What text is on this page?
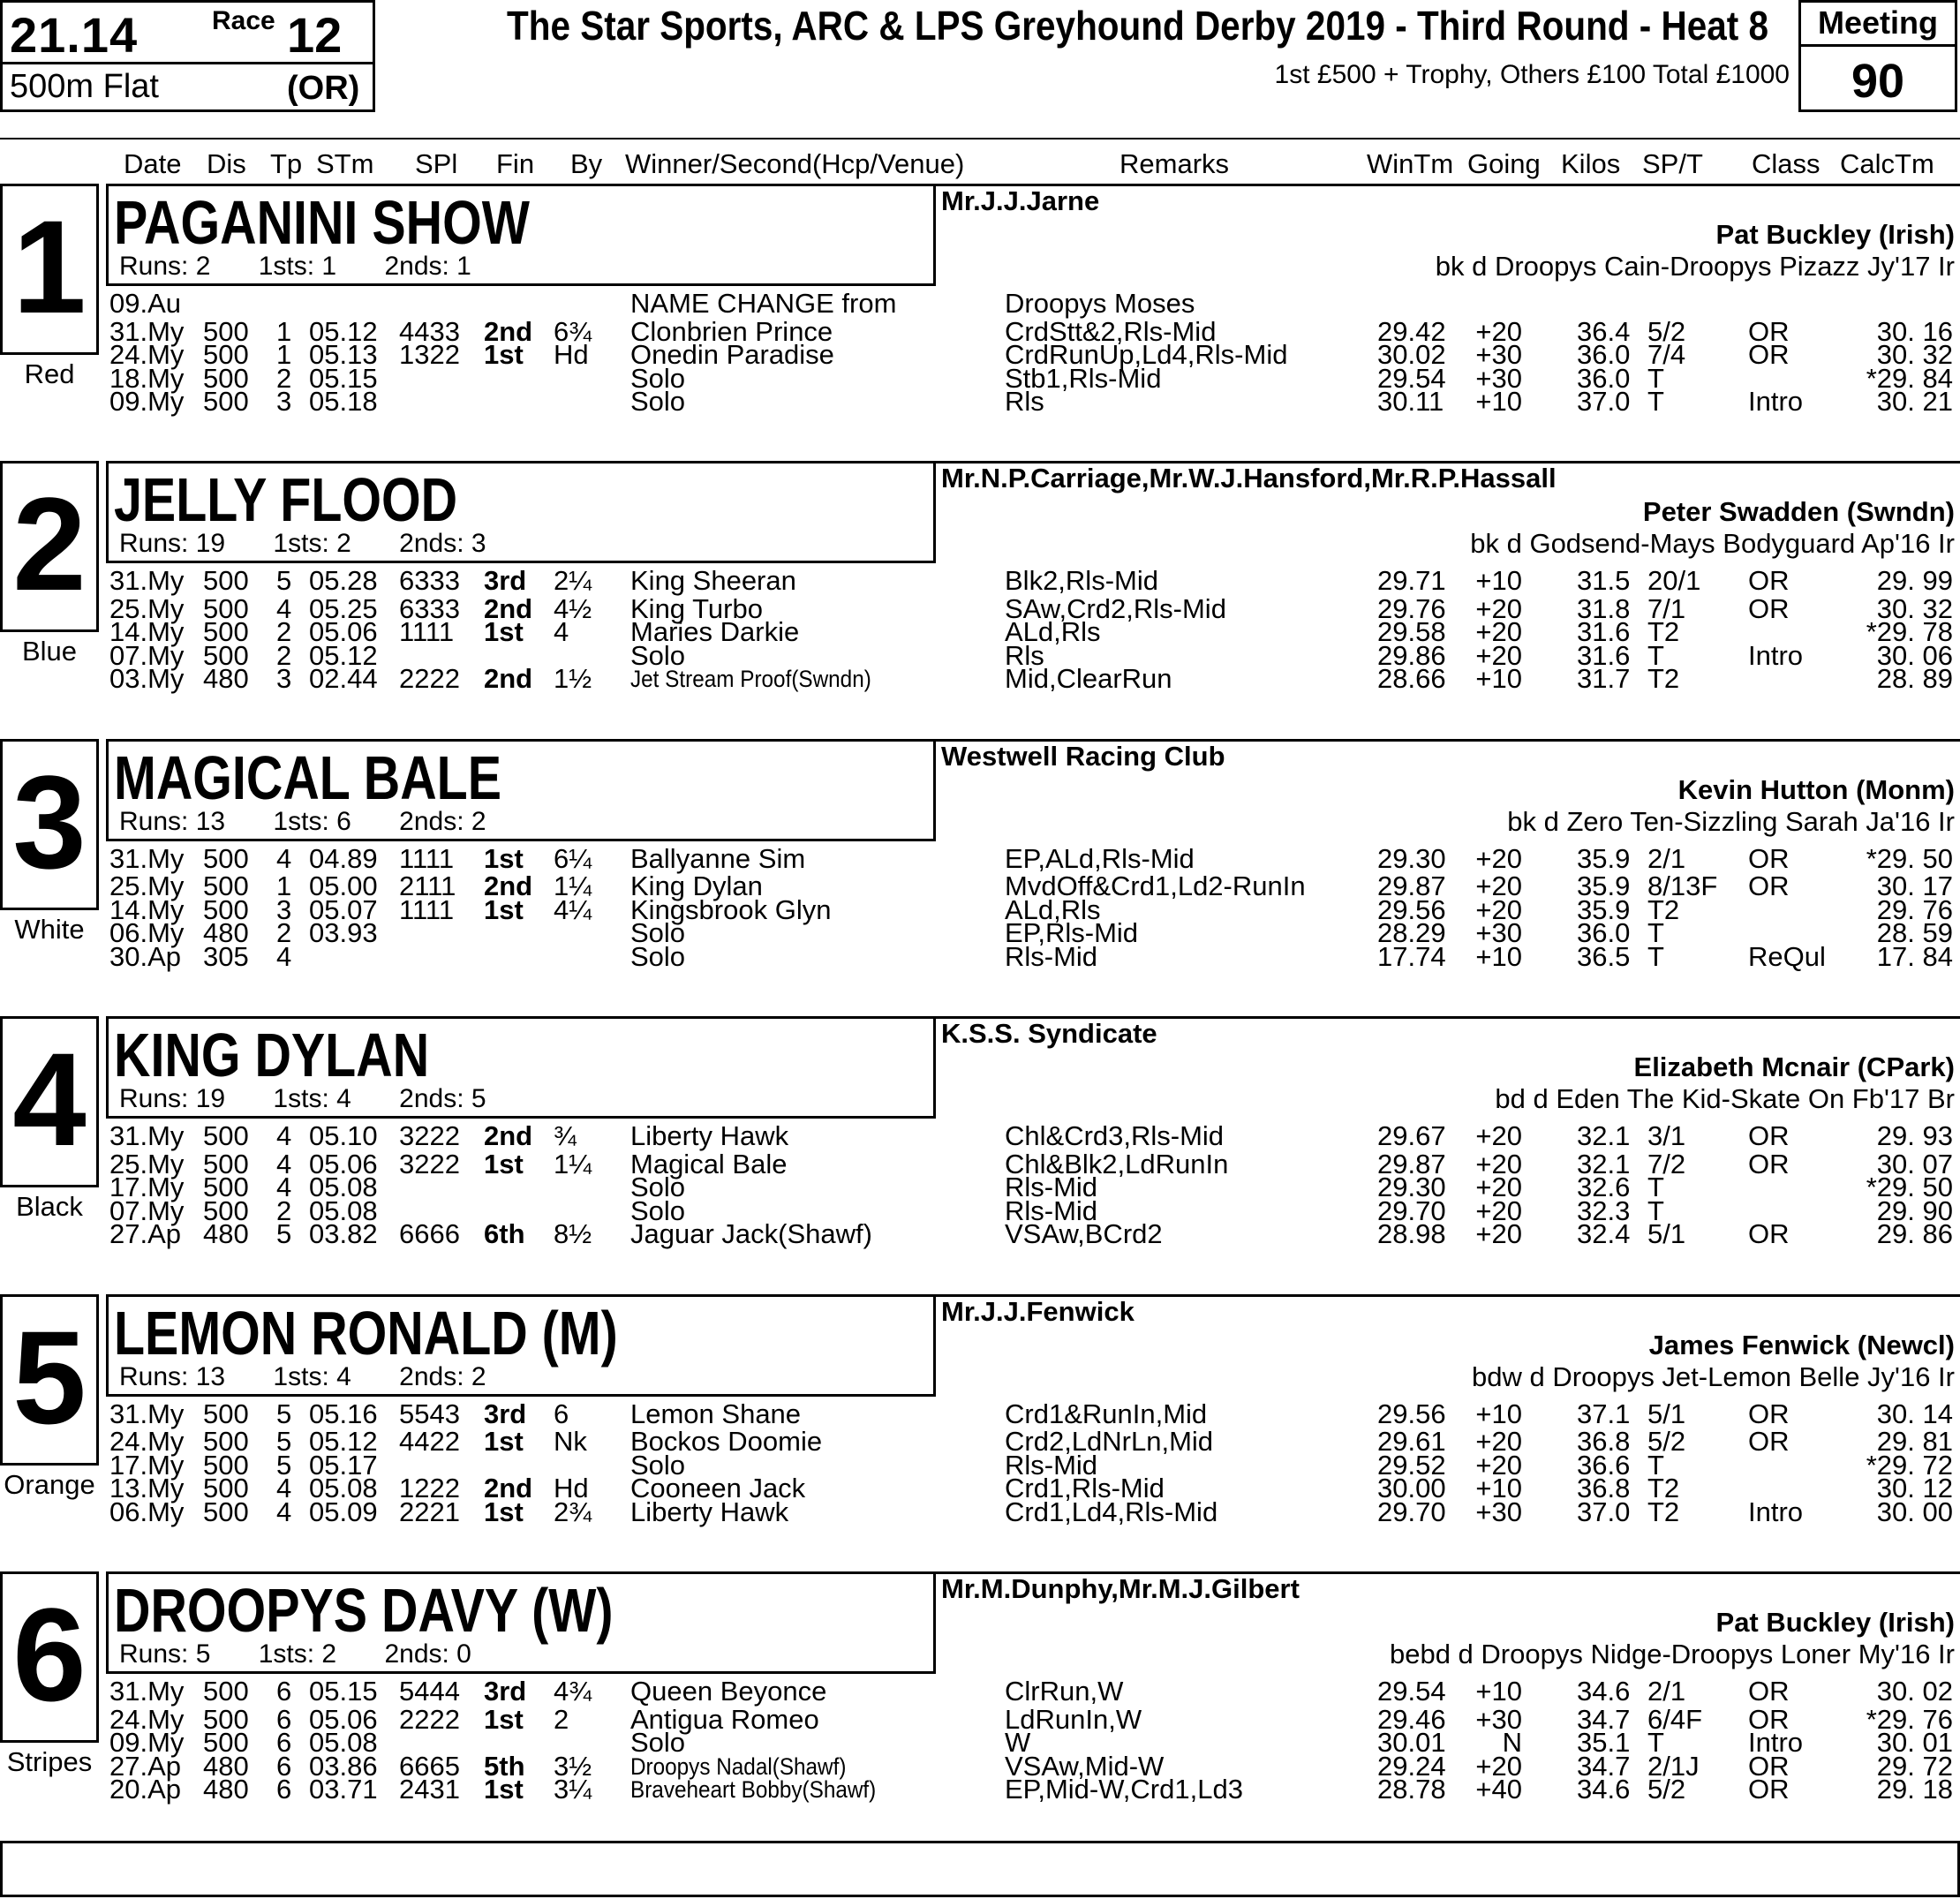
21.14	Race 12
500m Flat	(OR)
The Star Sports, ARC & LPS Greyhound Derby 2019 - Third Round - Heat 8
1st £500 + Trophy, Others £100 Total £1000
Meeting
90
Date Dis Tp STm SPl Fin By Winner/Second(Hcp/Venue)	Remarks	WinTm Going Kilos SP/T Class CalcTm
1
Red
PAGANINI SHOW
Runs: 2 1sts: 1 2nds: 1
Mr.J.J.Jarne
Pat Buckley (Irish)
bk d Droopys Cain-Droopys Pizazz Jy'17 Ir
09.Au	NAME CHANGE from	Droopys Moses
31.My 500 1 05.12 4433 2nd 6¾ Clonbrien Prince	CrdStt&2,Rls-Mid	29.42 +20 36.4 5/2 OR	30. 16
24.My 500 1 05.13 1322 1st Hd Onedin Paradise	CrdRunUp,Ld4,Rls-Mid	30.02 +30 36.0 7/4 OR	30. 32
18.My 500 2 05.15	Solo	Stb1,Rls-Mid	29.54 +30 36.0 T	*29. 84
09.My 500 3 05.18	Solo	Rls	30.11 +10 37.0 T	Intro	30. 21
2
Blue
JELLY FLOOD
Runs: 19 1sts: 2 2nds: 3
Mr.N.P.Carriage,Mr.W.J.Hansford,Mr.R.P.Hassall
Peter Swadden (Swndn)
bk d Godsend-Mays Bodyguard Ap'16 Ir
31.My 500 5 05.28 6333 3rd 2¼ King Sheeran	Blk2,Rls-Mid	29.71 +10 31.5 20/1 OR	29. 99
25.My 500 4 05.25 6333 2nd 4½ King Turbo	SAw,Crd2,Rls-Mid	29.76 +20 31.8 7/1 OR	30. 32
14.My 500 2 05.06 1111 1st 4 Maries Darkie	ALd,Rls	29.58 +20 31.6 T2	*29. 78
07.My 500 2 05.12	Solo	Rls	29.86 +20 31.6 T	Intro	30. 06
03.My 480 3 02.44 2222 2nd 1½ Jet Stream Proof(Swndn)	Mid,ClearRun	28.66 +10 31.7 T2	28. 89
3
White
MAGICAL BALE
Runs: 13 1sts: 6 2nds: 2
Westwell Racing Club
Kevin Hutton (Monm)
bk d Zero Ten-Sizzling Sarah Ja'16 Ir
31.My 500 4 04.89 1111 1st 6¼ Ballyanne Sim	EP,ALd,Rls-Mid	29.30 +20 35.9 2/1 OR	*29. 50
25.My 500 1 05.00 2111 2nd 1¼ King Dylan	MvdOff&Crd1,Ld2-RunIn	29.87 +20 35.9 8/13F OR	30. 17
14.My 500 3 05.07 1111 1st 4¼ Kingsbrook Glyn	ALd,Rls	29.56 +20 35.9 T2	29. 76
06.My 480 2 03.93	Solo	EP,Rls-Mid	28.29 +30 36.0 T	28. 59
30.Ap 305 4	Solo	Rls-Mid	17.74 +10 36.5 T	ReQul 17. 84
4
Black
KING DYLAN
Runs: 19 1sts: 4 2nds: 5
K.S.S. Syndicate
Elizabeth Mcnair (CPark)
bd d Eden The Kid-Skate On Fb'17 Br
31.My 500 4 05.10 3222 2nd ¾ Liberty Hawk	Chl&Crd3,Rls-Mid	29.67 +20 32.1 3/1 OR	29. 93
25.My 500 4 05.06 3222 1st 1¼ Magical Bale	Chl&Blk2,LdRunIn	29.87 +20 32.1 7/2 OR	30. 07
17.My 500 4 05.08	Solo	Rls-Mid	29.30 +20 32.6 T	*29. 50
07.My 500 2 05.08	Solo	Rls-Mid	29.70 +20 32.3 T	29. 90
27.Ap 480 5 03.82 6666 6th 8½ Jaguar Jack(Shawf)	VSAw,BCrd2	28.98 +20 32.4 5/1 OR	29. 86
5
Orange
LEMON RONALD (M)
Runs: 13 1sts: 4 2nds: 2
Mr.J.J.Fenwick
James Fenwick (Newcl)
bdw d Droopys Jet-Lemon Belle Jy'16 Ir
31.My 500 5 05.16 5543 3rd 6 Lemon Shane	Crd1&RunIn,Mid	29.56 +10 37.1 5/1 OR	30. 14
24.My 500 5 05.12 4422 1st Nk Bockos Doomie	Crd2,LdNrLn,Mid	29.61 +20 36.8 5/2 OR	29. 81
17.My 500 5 05.17	Solo	Rls-Mid	29.52 +20 36.6 T	*29. 72
13.My 500 4 05.08 1222 2nd Hd Cooneen Jack	Crd1,Rls-Mid	30.00 +10 36.8 T2	30. 12
06.My 500 4 05.09 2221 1st 2¾ Liberty Hawk	Crd1,Ld4,Rls-Mid	29.70 +30 37.0 T2	Intro	30. 00
6
Stripes
DROOPYS DAVY (W)
Runs: 5 1sts: 2 2nds: 0
Mr.M.Dunphy,Mr.M.J.Gilbert
Pat Buckley (Irish)
bebd d Droopys Nidge-Droopys Loner My'16 Ir
31.My 500 6 05.15 5444 3rd 4¾ Queen Beyonce	ClrRun,W	29.54 +10 34.6 2/1 OR	30. 02
24.My 500 6 05.06 2222 1st 2 Antigua Romeo	LdRunIn,W	29.46 +30 34.7 6/4F OR	*29. 76
09.My 500 6 05.08	Solo	W	30.01 N 35.1 T	Intro	30. 01
27.Ap 480 6 03.86 6665 5th 3½ Droopys Nadal(Shawf)	VSAw,Mid-W	29.24 +20 34.7 2/1J OR	29. 72
20.Ap 480 6 03.71 2431 1st 3¼ Braveheart Bobby(Shawf)	EP,Mid-W,Crd1,Ld3	28.78 +40 34.6 5/2 OR	29. 18
